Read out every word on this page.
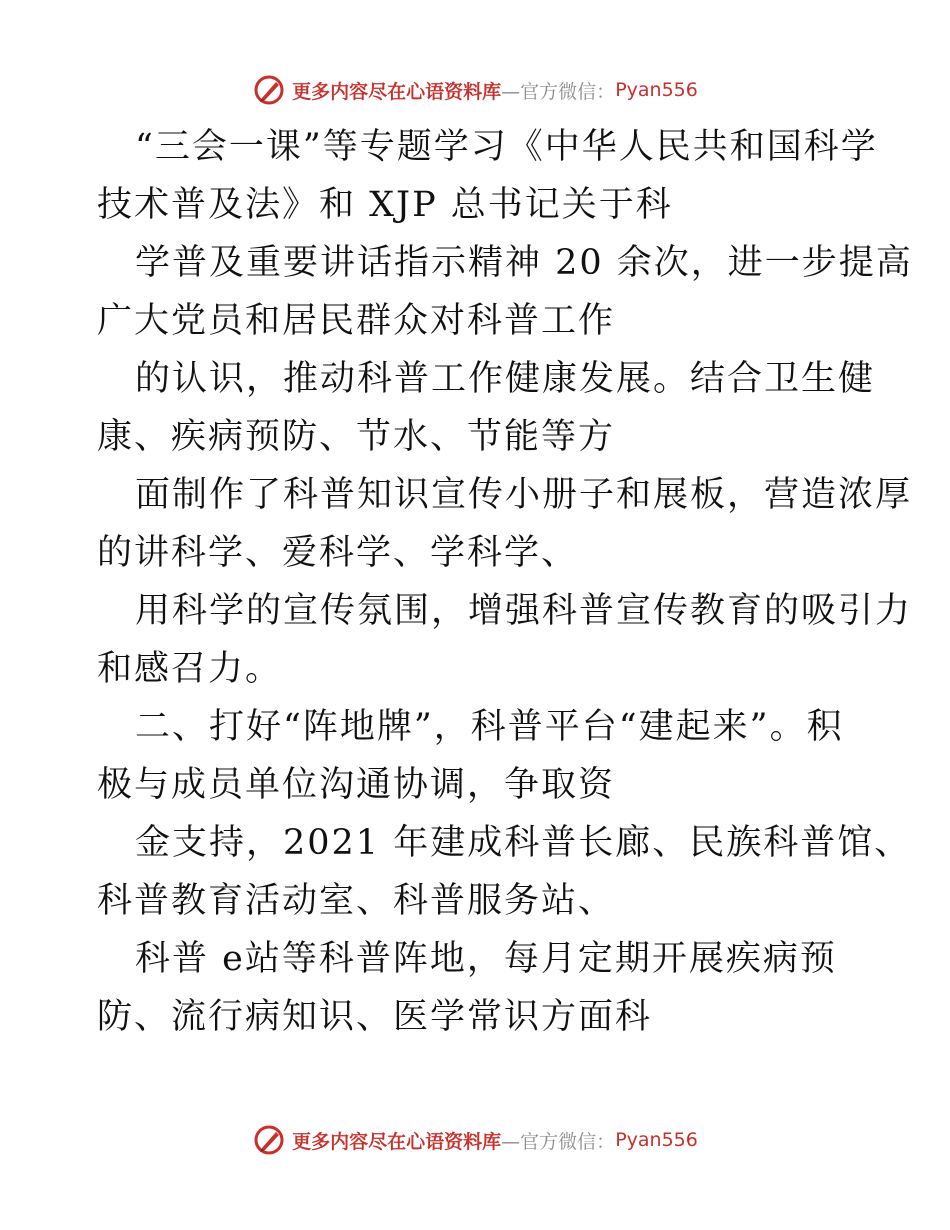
更多内容尽在心语资料库 —官方微信： Pyan556
“三会一课”等专题学习《中华人民共和国科学
技术普及法》和 XJP 总书记关于科
学普及重要讲话指示精神 20 余次，进一步提高
广大党员和居民群众对科普工作
的认识，推动科普工作健康发展。结合卫生健
康、疾病预防、节水、节能等方
面制作了科普知识宣传小册子和展板，营造浓厚
的讲科学、爱科学、学科学、
用科学的宣传氛围，增强科普宣传教育的吸引力
和感召力。
二、打好“阵地牌”，科普平台“建起来”。积
极与成员单位沟通协调，争取资
金支持，2021 年建成科普长廊、民族科普馆、
科普教育活动室、科普服务站、
科普 e站等科普阵地，每月定期开展疾病预
防、流行病知识、医学常识方面科
更多内容尽在心语资料库 —官方微信： Pyan556
